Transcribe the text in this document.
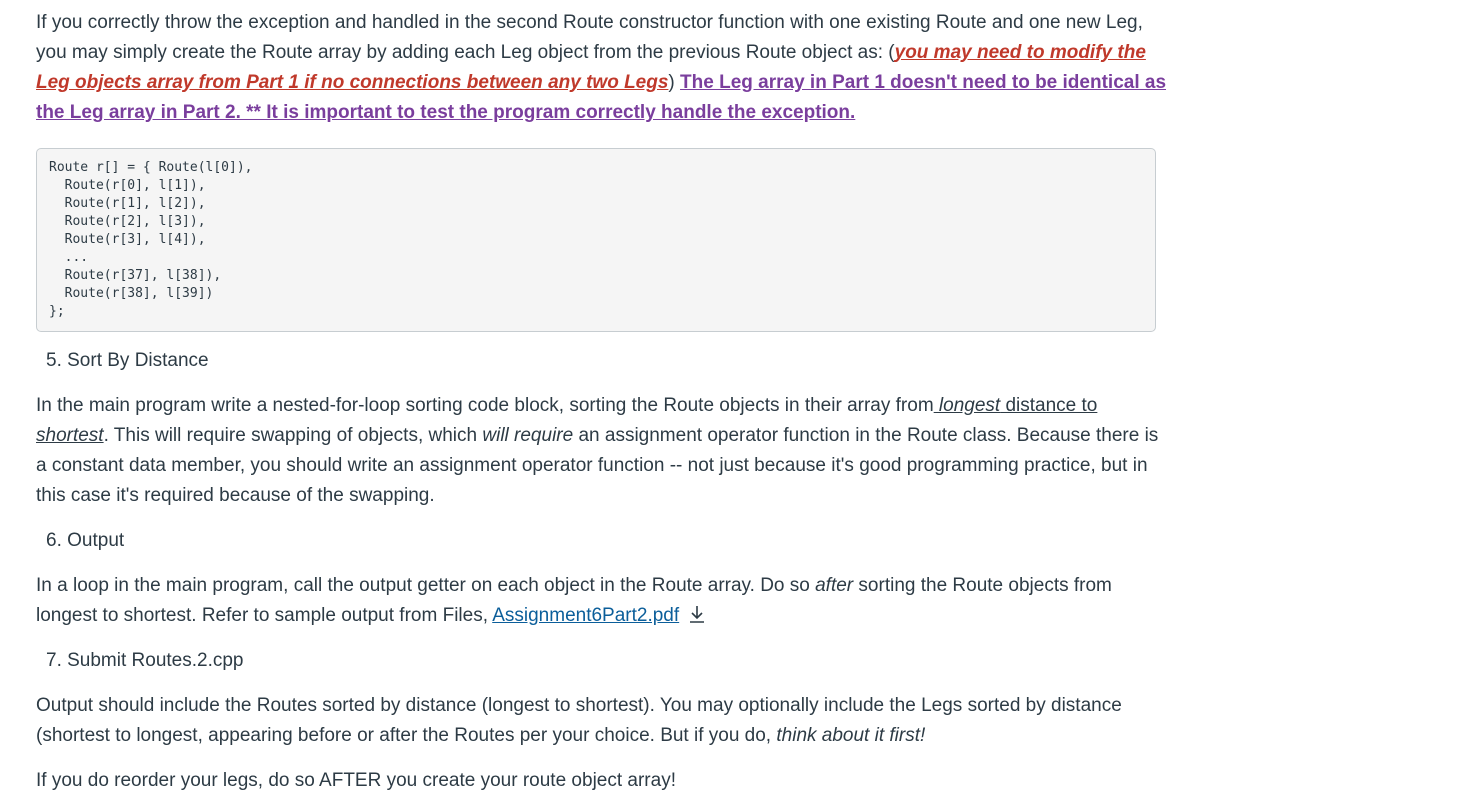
If you correctly throw the exception and handled in the second Route constructor function with one existing Route and one new Leg, you may simply create the Route array by adding each Leg object from the previous Route object as: (you may need to modify the Leg objects array from Part 1 if no connections between any two Legs) The Leg array in Part 1 doesn't need to be identical as the Leg array in Part 2. ** It is important to test the program correctly handle the exception.

Route r[] = { Route(l[0]),
Route(r[0], l[1]),
Route(r[1], l[2]),
Route(r[2], l[3]),
Route(r[3], l[4]),
...
Route(r[37], l[38]),
Route(r[38], l[39])
};

5. Sort By Distance

In the main program write a nested-for-loop sorting code block, sorting the Route objects in their array from longest distance to shortest. This will require swapping of objects, which will require an assignment operator function in the Route class. Because there is a constant data member, you should write an assignment operator function -- not just because it's good programming practice, but in this case it's required because of the swapping.

6. Output

In a loop in the main program, call the output getter on each object in the Route array. Do so after sorting the Route objects from longest to shortest. Refer to sample output from Files, Assignment6Part2.pdf

7. Submit Routes.2.cpp

Output should include the Routes sorted by distance (longest to shortest). You may optionally include the Legs sorted by distance (shortest to longest, appearing before or after the Routes per your choice. But if you do, think about it first!

If you do reorder your legs, do so AFTER you create your route object array!
